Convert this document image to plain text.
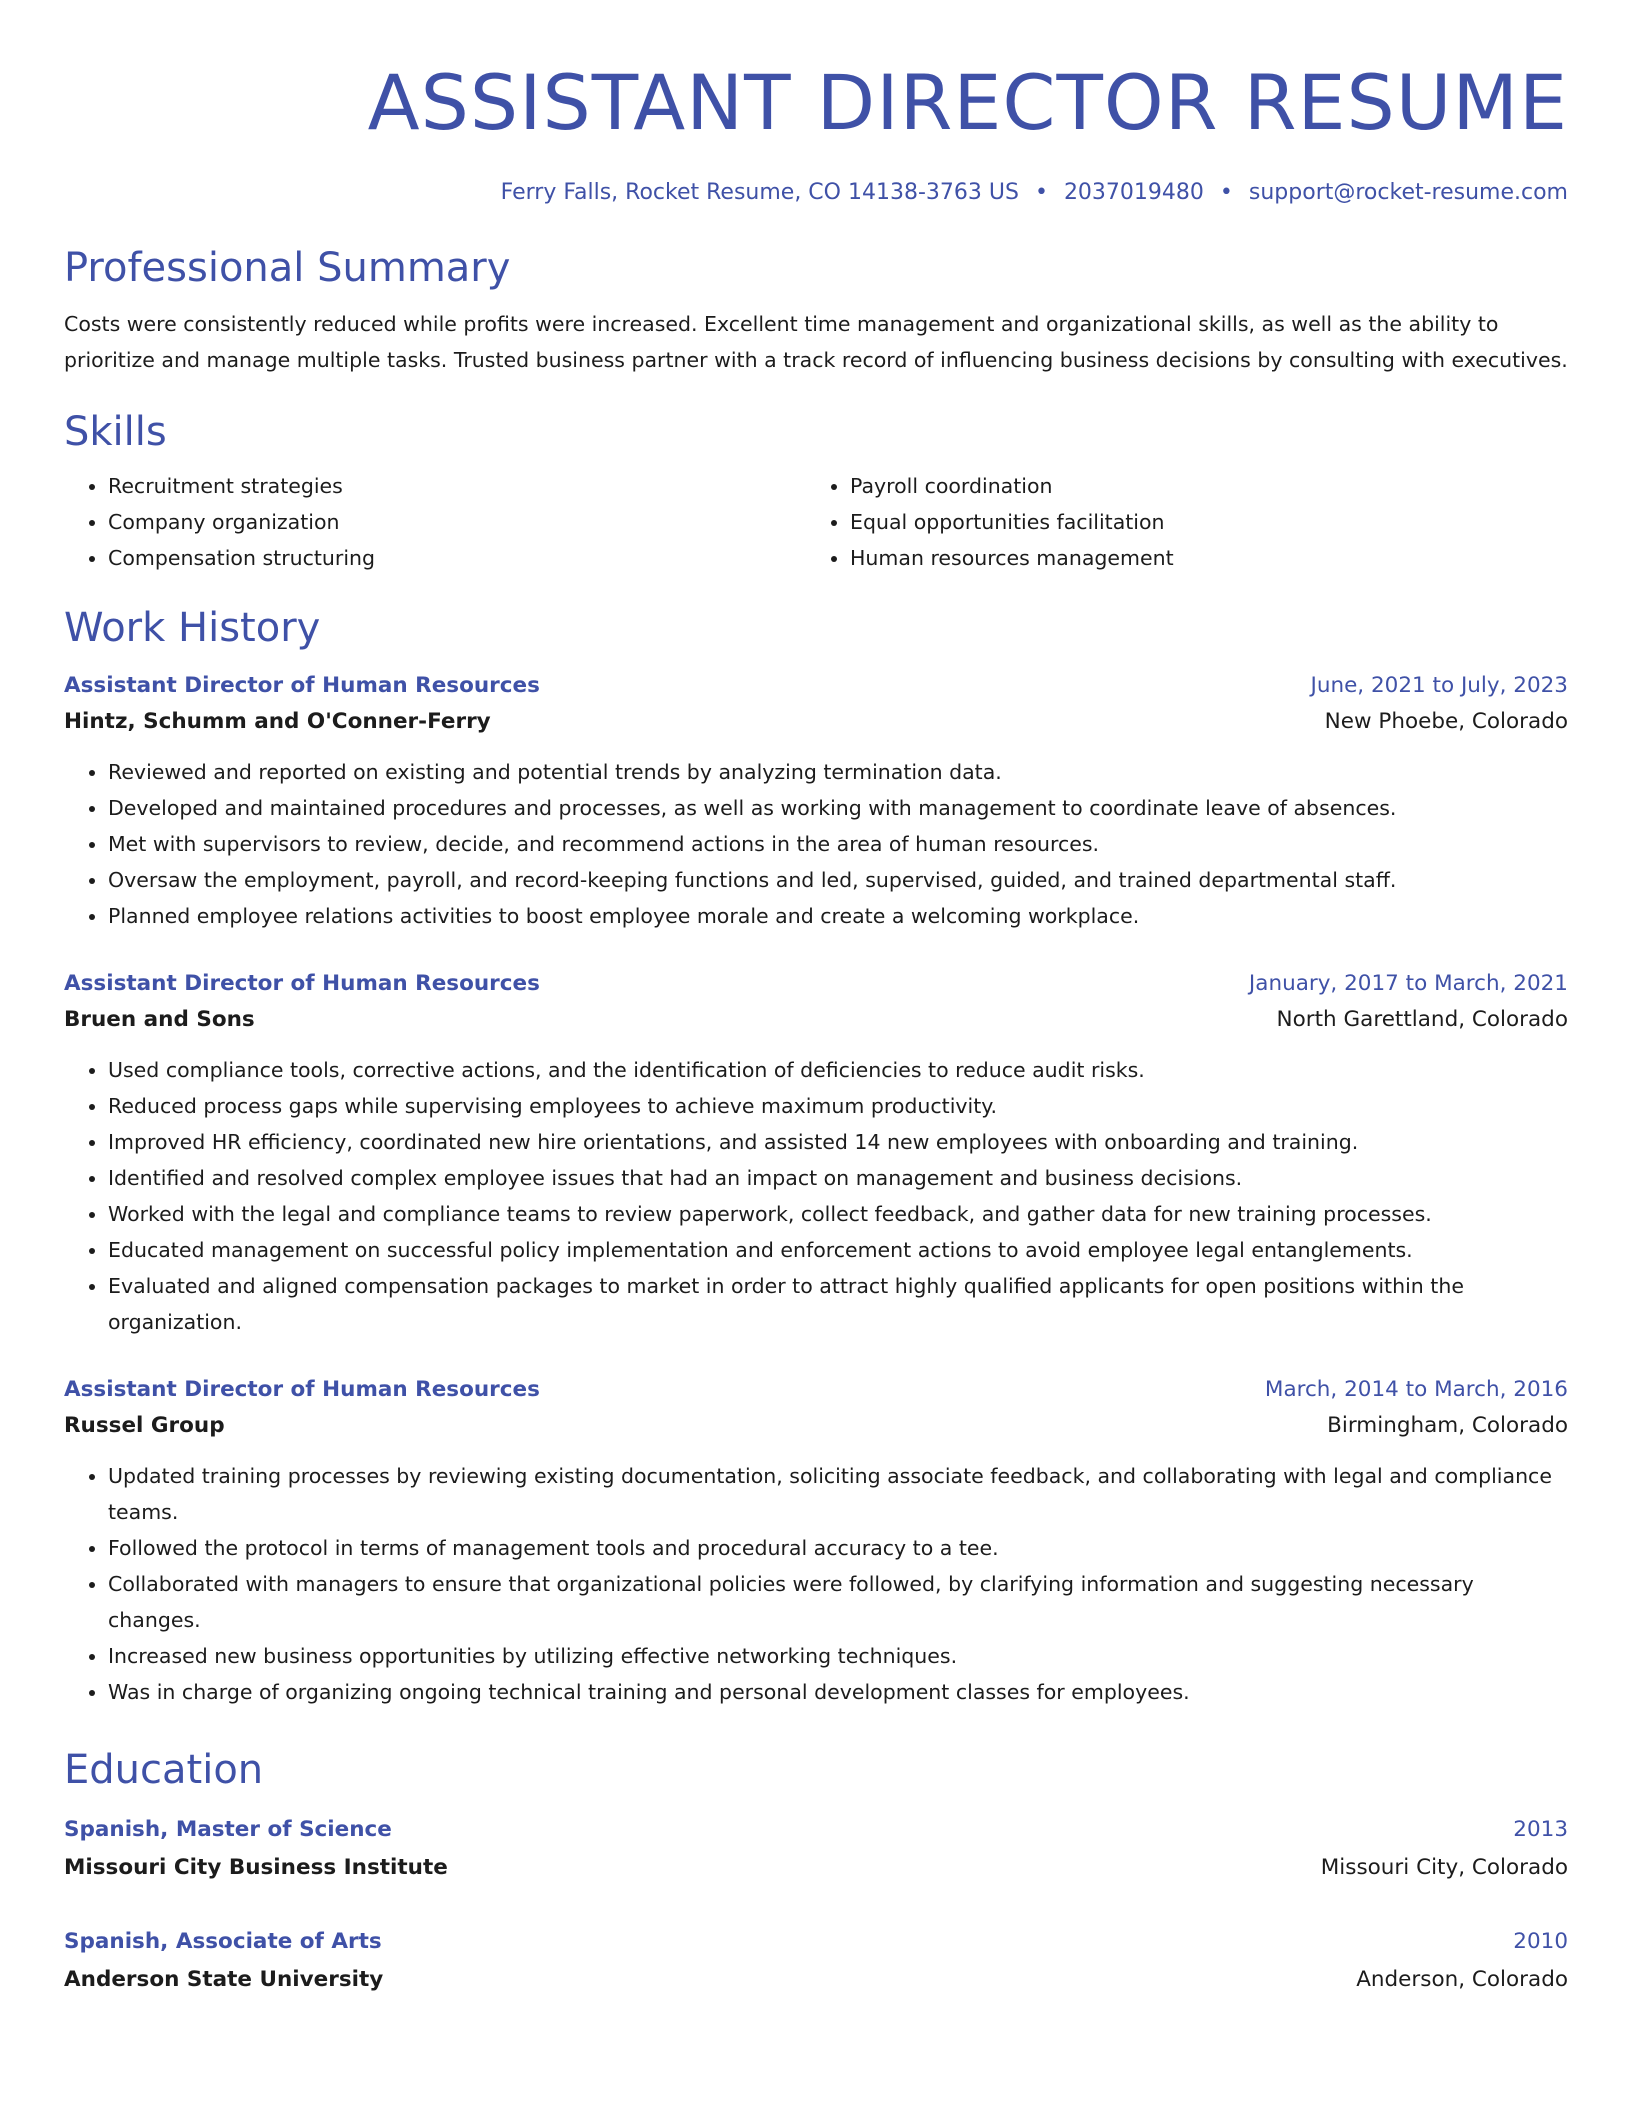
ASSISTANT DIRECTOR RESUME
Ferry Falls, Rocket Resume, CO 14138-3763 US • 2037019480 • support@rocket-resume.com
Professional Summary
Costs were consistently reduced while profits were increased. Excellent time management and organizational skills, as well as the ability to prioritize and manage multiple tasks. Trusted business partner with a track record of influencing business decisions by consulting with executives.
Skills
• Recruitment strategies
• Company organization
• Compensation structuring
• Payroll coordination
• Equal opportunities facilitation
• Human resources management
Work History
Assistant Director of Human Resources	June, 2021 to July, 2023
Hintz, Schumm and O'Conner-Ferry	New Phoebe, Colorado
• Reviewed and reported on existing and potential trends by analyzing termination data.
• Developed and maintained procedures and processes, as well as working with management to coordinate leave of absences.
• Met with supervisors to review, decide, and recommend actions in the area of human resources.
• Oversaw the employment, payroll, and record-keeping functions and led, supervised, guided, and trained departmental staff.
• Planned employee relations activities to boost employee morale and create a welcoming workplace.
Assistant Director of Human Resources	January, 2017 to March, 2021
Bruen and Sons	North Garettland, Colorado
• Used compliance tools, corrective actions, and the identification of deficiencies to reduce audit risks.
• Reduced process gaps while supervising employees to achieve maximum productivity.
• Improved HR efficiency, coordinated new hire orientations, and assisted 14 new employees with onboarding and training.
• Identified and resolved complex employee issues that had an impact on management and business decisions.
• Worked with the legal and compliance teams to review paperwork, collect feedback, and gather data for new training processes.
• Educated management on successful policy implementation and enforcement actions to avoid employee legal entanglements.
• Evaluated and aligned compensation packages to market in order to attract highly qualified applicants for open positions within the organization.
Assistant Director of Human Resources	March, 2014 to March, 2016
Russel Group	Birmingham, Colorado
• Updated training processes by reviewing existing documentation, soliciting associate feedback, and collaborating with legal and compliance teams.
• Followed the protocol in terms of management tools and procedural accuracy to a tee.
• Collaborated with managers to ensure that organizational policies were followed, by clarifying information and suggesting necessary changes.
• Increased new business opportunities by utilizing effective networking techniques.
• Was in charge of organizing ongoing technical training and personal development classes for employees.
Education
Spanish, Master of Science	2013
Missouri City Business Institute	Missouri City, Colorado
Spanish, Associate of Arts	2010
Anderson State University	Anderson, Colorado
